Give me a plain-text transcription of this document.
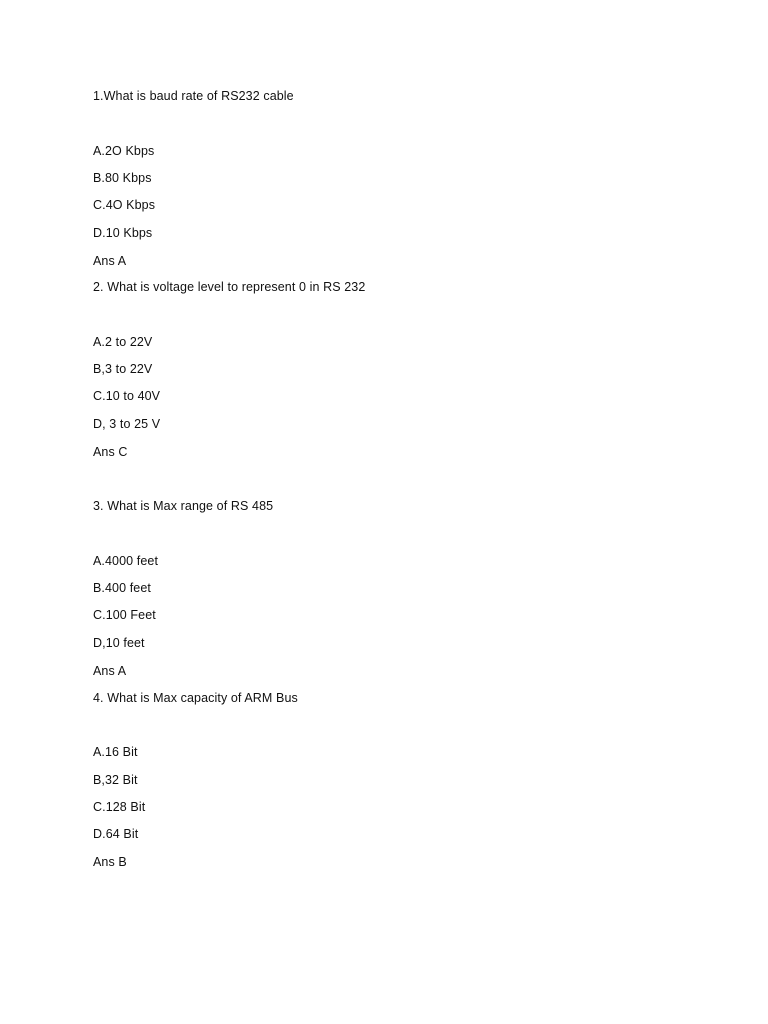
1.What is baud rate of RS232 cable
A.2O Kbps
B.80 Kbps
C.4O Kbps
D.10 Kbps
Ans A
2. What is voltage level to represent 0 in RS 232
A.2 to 22V
B,3 to 22V
C.10 to 40V
D, 3 to 25 V
Ans C
3. What is Max range of RS 485
A.4000 feet
B.400 feet
C.100 Feet
D,10 feet
Ans A
4. What is Max capacity of ARM Bus
A.16 Bit
B,32 Bit
C.128 Bit
D.64 Bit
Ans B
